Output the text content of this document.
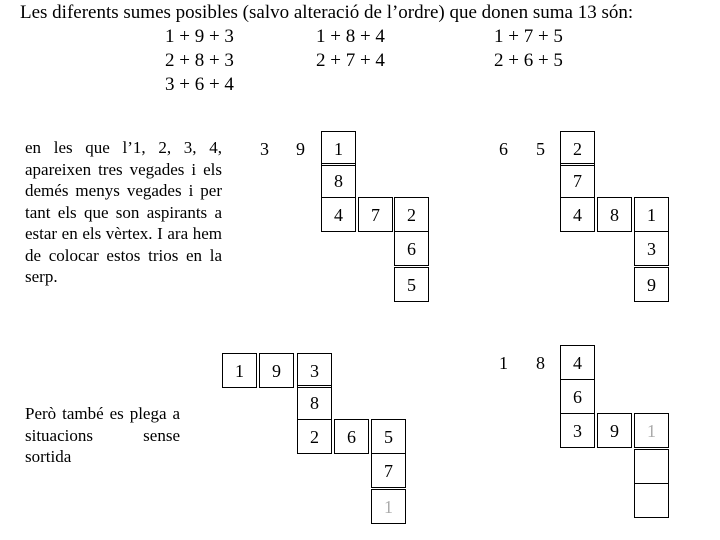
Les diferents sumes posibles (salvo alteració de l’ordre) que donen suma 13 són:
1 + 9 + 3	1 + 8 + 4	1 + 7 + 5
2 + 8 + 3	2 + 7 + 4	2 + 6 + 5
3 + 6 + 4
en les que l’1, 2, 3, 4, apareixen tres vegades i els demés menys vegades i per tant els que son aspirants a estar en els vèrtex. I ara hem de colocar estos trios en la serp.
Però també es plega a situacions sense sortida
3 9 1
8
4 7 2
6
5
6 5 2
7
4 8 1
3
9
1 9 3
8
2 6 5
7
1
1 8 4
6
3 9 1
